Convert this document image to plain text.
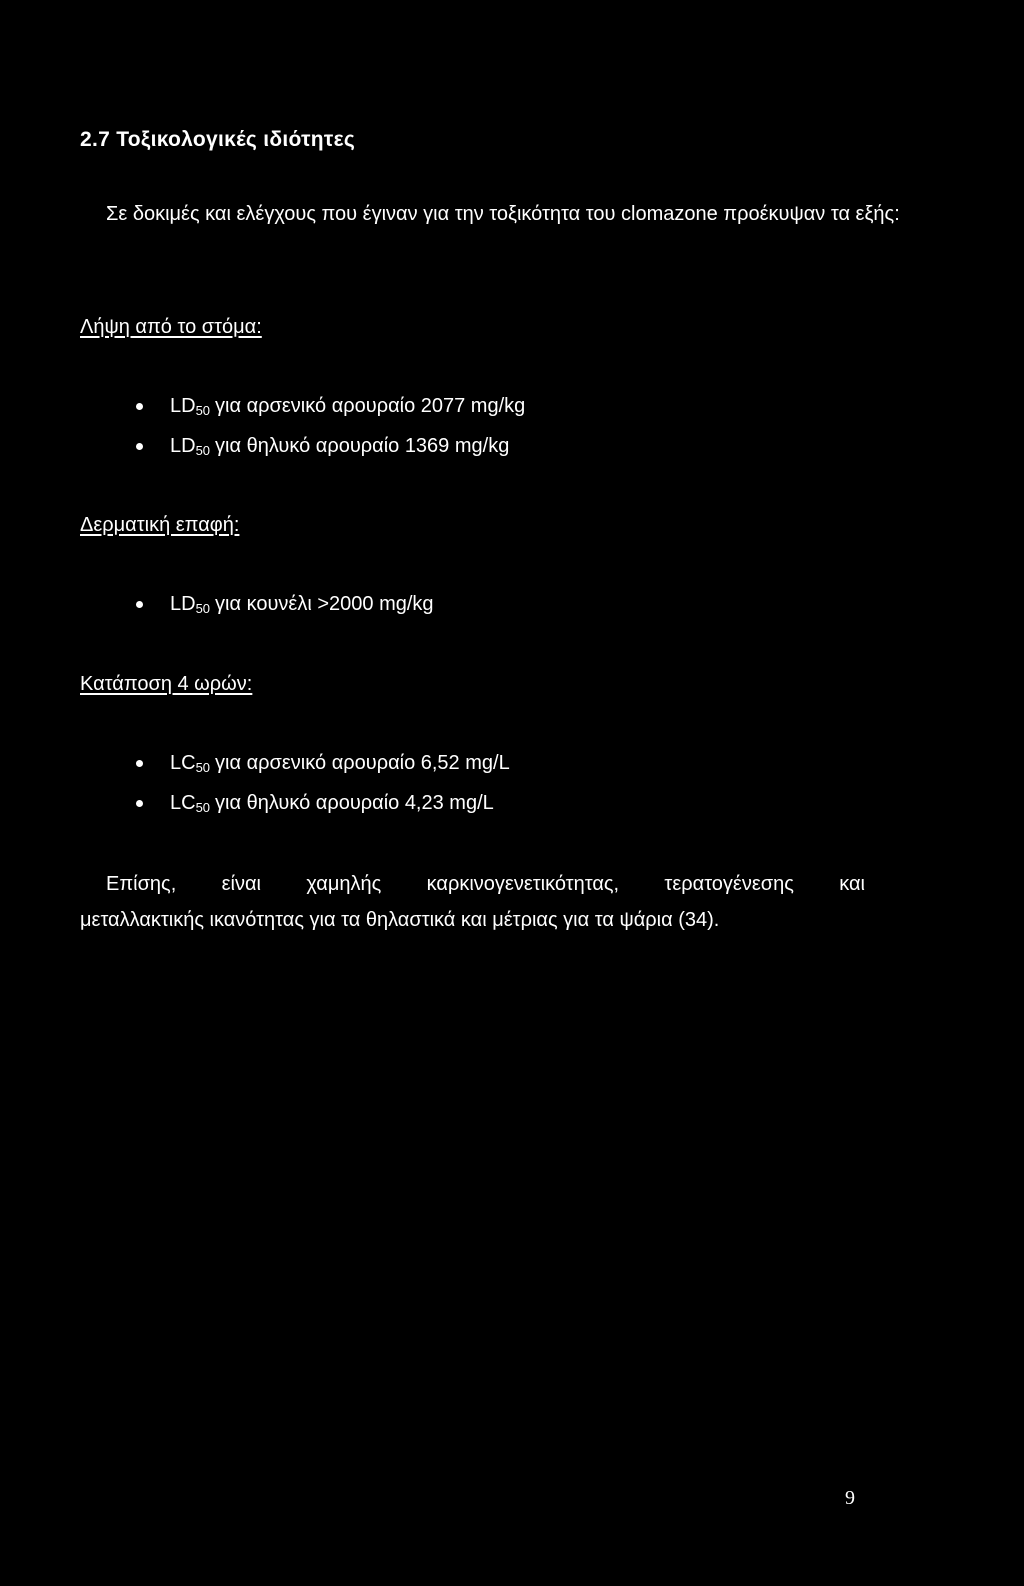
2.7 Τοξικολογικές ιδιότητες
Σε δοκιμές και ελέγχους που έγιναν για την τοξικότητα του clomazone προέκυψαν τα εξής:
Λήψη από το στόμα:
$LD_{50}$ για αρσενικό αρουραίο 2077 mg/kg
$LD_{50}$ για θηλυκό αρουραίο 1369 mg/kg
Δερματική επαφή:
$LD_{50}$ για κουνέλι >2000 mg/kg
Κατάποση 4 ωρών:
$LC_{50}$ για αρσενικό αρουραίο 6,52 mg/L
$LC_{50}$ για θηλυκό αρουραίο 4,23 mg/L
Επίσης, είναι χαμηλής καρκινογενετικότητας, τερατογένεσης και
μεταλλακτικής ικανότητας για τα θηλαστικά και μέτριας για τα ψάρια (34).
9
